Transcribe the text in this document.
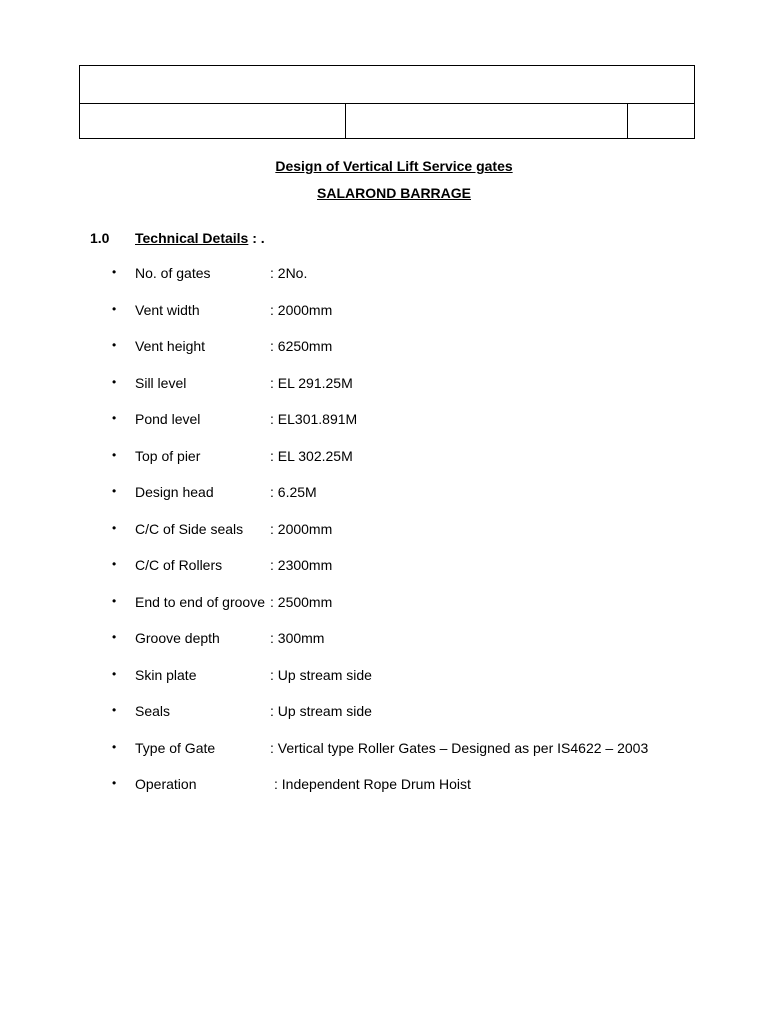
Design of Vertical Lift Service gates
SALAROND BARRAGE
1.0 Technical Details : .
• No. of gates	: 2No.
• Vent width	: 2000mm
• Vent height	: 6250mm
• Sill level	: EL 291.25M
• Pond level	: EL301.891M
• Top of pier	: EL 302.25M
• Design head	: 6.25M
• C/C of Side seals : 2000mm
• C/C of Rollers	: 2300mm
• End to end of groove : 2500mm
• Groove depth	: 300mm
• Skin plate	: Up stream side
• Seals	: Up stream side
• Type of Gate	: Vertical type Roller Gates – Designed as per IS4622 – 2003
• Operation	: Independent Rope Drum Hoist
